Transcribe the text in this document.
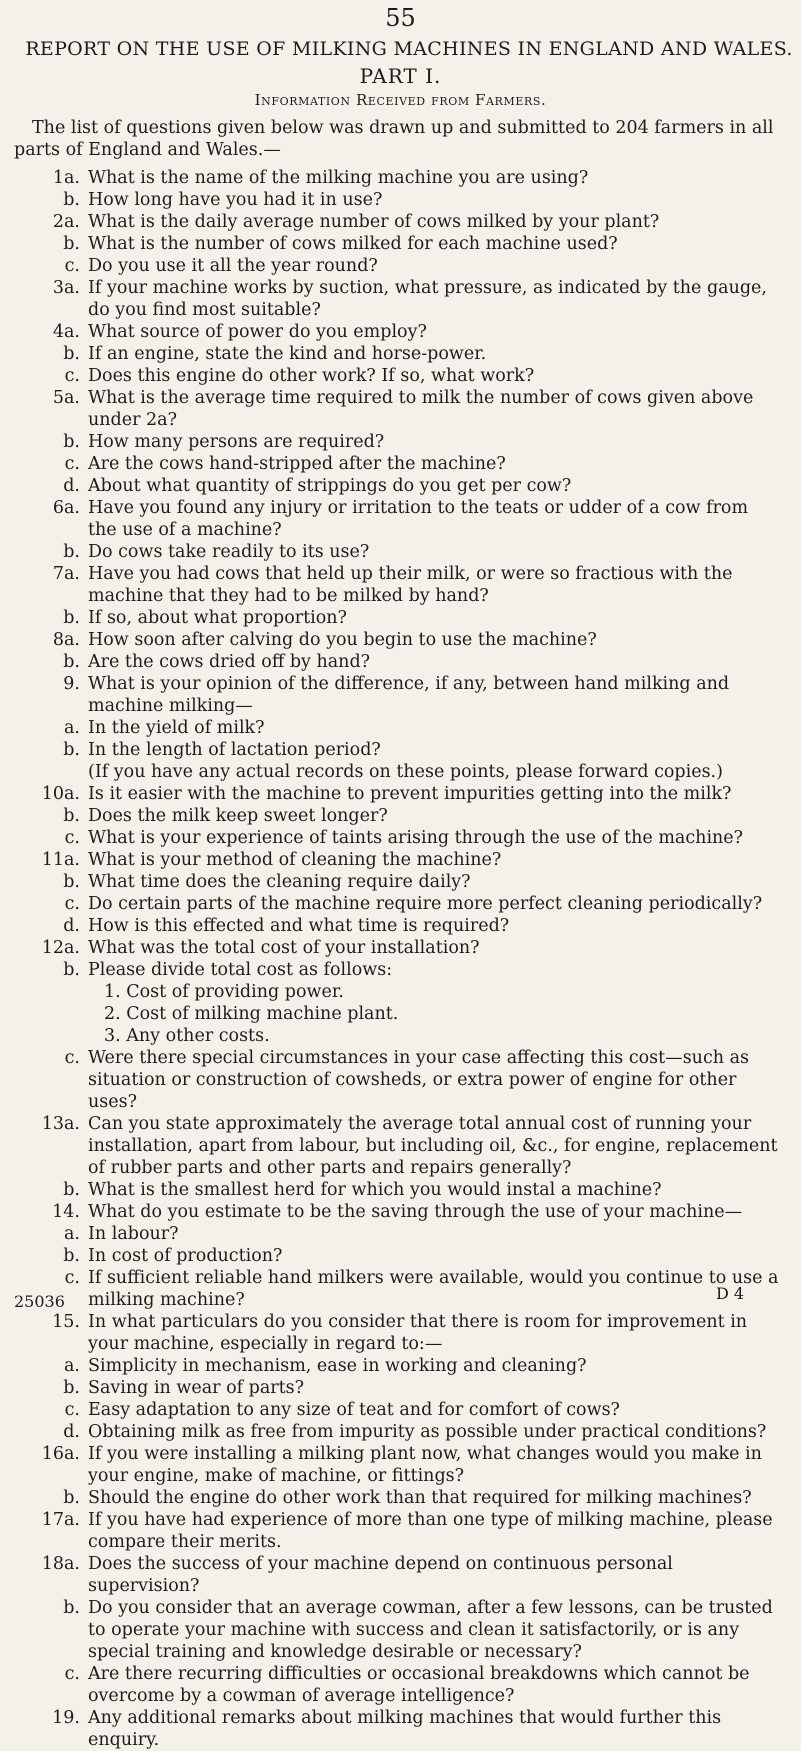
55
REPORT ON THE USE OF MILKING MACHINES IN ENGLAND AND WALES.
PART I.
Information Received from Farmers.

The list of questions given below was drawn up and submitted to 204 farmers in all parts of England and Wales.—

1a. What is the name of the milking machine you are using?
b. How long have you had it in use?
2a. What is the daily average number of cows milked by your plant?
b. What is the number of cows milked for each machine used?
c. Do you use it all the year round?
3a. If your machine works by suction, what pressure, as indicated by the gauge, do you find most suitable?
4a. What source of power do you employ?
b. If an engine, state the kind and horse-power.
c. Does this engine do other work? If so, what work?
5a. What is the average time required to milk the number of cows given above under 2a?
b. How many persons are required?
c. Are the cows hand-stripped after the machine?
d. About what quantity of strippings do you get per cow?
6a. Have you found any injury or irritation to the teats or udder of a cow from the use of a machine?
b. Do cows take readily to its use?
7a. Have you had cows that held up their milk, or were so fractious with the machine that they had to be milked by hand?
b. If so, about what proportion?
8a. How soon after calving do you begin to use the machine?
b. Are the cows dried off by hand?
9. What is your opinion of the difference, if any, between hand milking and machine milking—
a. In the yield of milk?
b. In the length of lactation period?
(If you have any actual records on these points, please forward copies.)
10a. Is it easier with the machine to prevent impurities getting into the milk?
b. Does the milk keep sweet longer?
c. What is your experience of taints arising through the use of the machine?
11a. What is your method of cleaning the machine?
b. What time does the cleaning require daily?
c. Do certain parts of the machine require more perfect cleaning periodically?
d. How is this effected and what time is required?
12a. What was the total cost of your installation?
b. Please divide total cost as follows:
1. Cost of providing power.
2. Cost of milking machine plant.
3. Any other costs.
c. Were there special circumstances in your case affecting this cost—such as situation or construction of cowsheds, or extra power of engine for other uses?
13a. Can you state approximately the average total annual cost of running your installation, apart from labour, but including oil, &c., for engine, replacement of rubber parts and other parts and repairs generally?
b. What is the smallest herd for which you would instal a machine?
14. What do you estimate to be the saving through the use of your machine—
a. In labour?
b. In cost of production?
c. If sufficient reliable hand milkers were available, would you continue to use a milking machine?
15. In what particulars do you consider that there is room for improvement in your machine, especially in regard to:—
a. Simplicity in mechanism, ease in working and cleaning?
b. Saving in wear of parts?
c. Easy adaptation to any size of teat and for comfort of cows?
d. Obtaining milk as free from impurity as possible under practical conditions?
16a. If you were installing a milking plant now, what changes would you make in your engine, make of machine, or fittings?
b. Should the engine do other work than that required for milking machines?
17a. If you have had experience of more than one type of milking machine, please compare their merits.
18a. Does the success of your machine depend on continuous personal supervision?
b. Do you consider that an average cowman, after a few lessons, can be trusted to operate your machine with success and clean it satisfactorily, or is any special training and knowledge desirable or necessary?
c. Are there recurring difficulties or occasional breakdowns which cannot be overcome by a cowman of average intelligence?
19. Any additional remarks about milking machines that would further this enquiry.
25036	D 4
